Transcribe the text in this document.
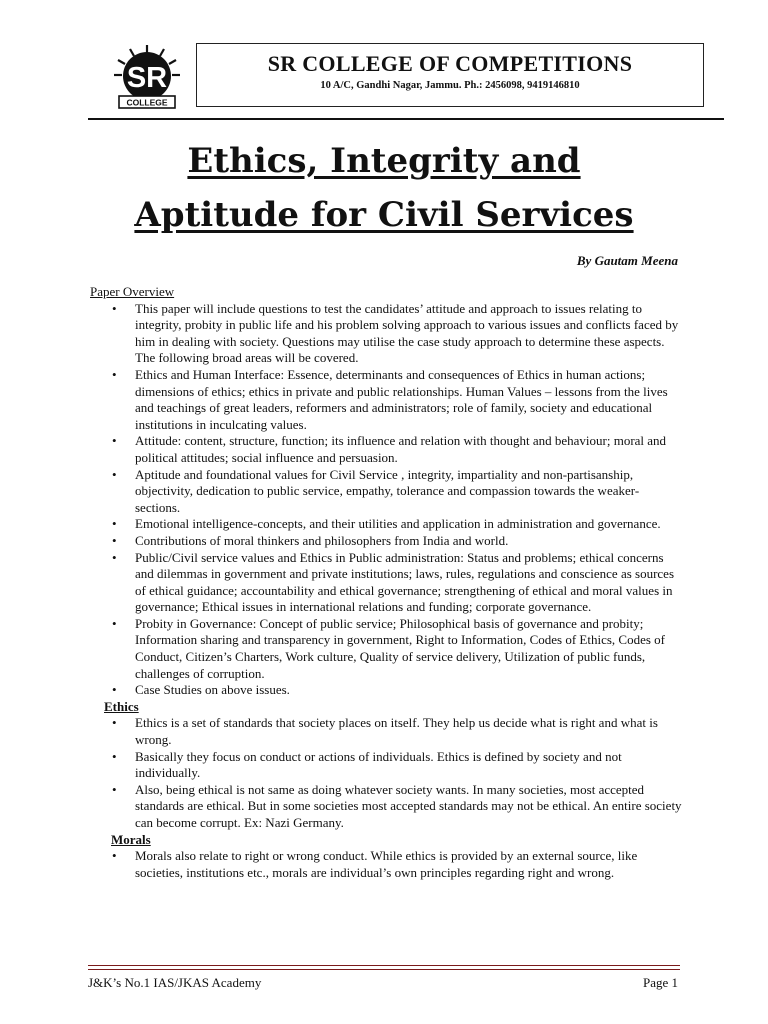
SR
COLLEGE
SR COLLEGE OF COMPETITIONS
10 A/C, Gandhi Nagar, Jammu. Ph.: 2456098, 9419146810
Ethics, Integrity and
Aptitude for Civil Services
By Gautam Meena
Paper Overview
• This paper will include questions to test the candidates’ attitude and approach to issues relating to integrity, probity in public life and his problem solving approach to various issues and conflicts faced by him in dealing with society. Questions may utilise the case study approach to determine these aspects. The following broad areas will be covered.
• Ethics and Human Interface: Essence, determinants and consequences of Ethics in human actions; dimensions of ethics; ethics in private and public relationships. Human Values – lessons from the lives and teachings of great leaders, reformers and administrators; role of family, society and educational institutions in inculcating values.
• Attitude: content, structure, function; its influence and relation with thought and behaviour; moral and political attitudes; social influence and persuasion.
• Aptitude and foundational values for Civil Service , integrity, impartiality and non-partisanship, objectivity, dedication to public service, empathy, tolerance and compassion towards the weaker-sections.
• Emotional intelligence-concepts, and their utilities and application in administration and governance.
• Contributions of moral thinkers and philosophers from India and world.
• Public/Civil service values and Ethics in Public administration: Status and problems; ethical concerns and dilemmas in government and private institutions; laws, rules, regulations and conscience as sources of ethical guidance; accountability and ethical governance; strengthening of ethical and moral values in governance; Ethical issues in international relations and funding; corporate governance.
• Probity in Governance: Concept of public service; Philosophical basis of governance and probity; Information sharing and transparency in government, Right to Information, Codes of Ethics, Codes of Conduct, Citizen’s Charters, Work culture, Quality of service delivery, Utilization of public funds, challenges of corruption.
• Case Studies on above issues.
Ethics
• Ethics is a set of standards that society places on itself. They help us decide what is right and what is wrong.
• Basically they focus on conduct or actions of individuals. Ethics is defined by society and not individually.
• Also, being ethical is not same as doing whatever society wants. In many societies, most accepted standards are ethical. But in some societies most accepted standards may not be ethical. An entire society can become corrupt. Ex: Nazi Germany.
Morals
• Morals also relate to right or wrong conduct. While ethics is provided by an external source, like societies, institutions etc., morals are individual’s own principles regarding right and wrong.
J&K’s No.1 IAS/JKAS Academy	Page 1
